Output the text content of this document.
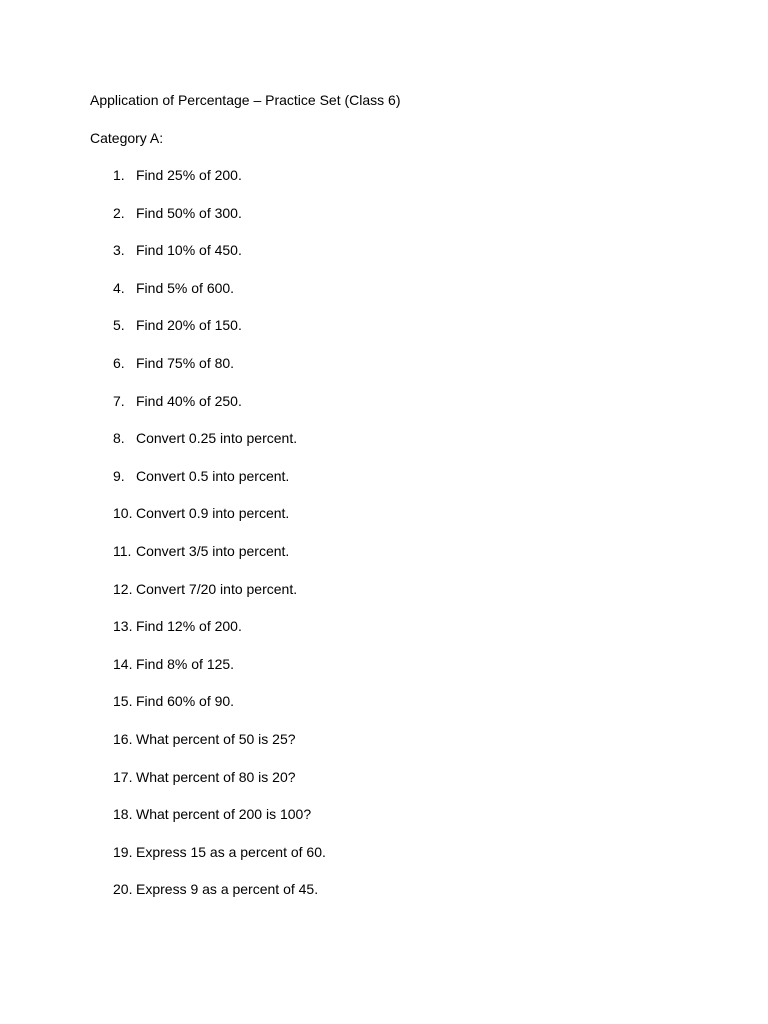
Application of Percentage – Practice Set (Class 6)
Category A:
1. Find 25% of 200.
2. Find 50% of 300.
3. Find 10% of 450.
4. Find 5% of 600.
5. Find 20% of 150.
6. Find 75% of 80.
7. Find 40% of 250.
8. Convert 0.25 into percent.
9. Convert 0.5 into percent.
10. Convert 0.9 into percent.
11. Convert 3/5 into percent.
12. Convert 7/20 into percent.
13. Find 12% of 200.
14. Find 8% of 125.
15. Find 60% of 90.
16. What percent of 50 is 25?
17. What percent of 80 is 20?
18. What percent of 200 is 100?
19. Express 15 as a percent of 60.
20. Express 9 as a percent of 45.
